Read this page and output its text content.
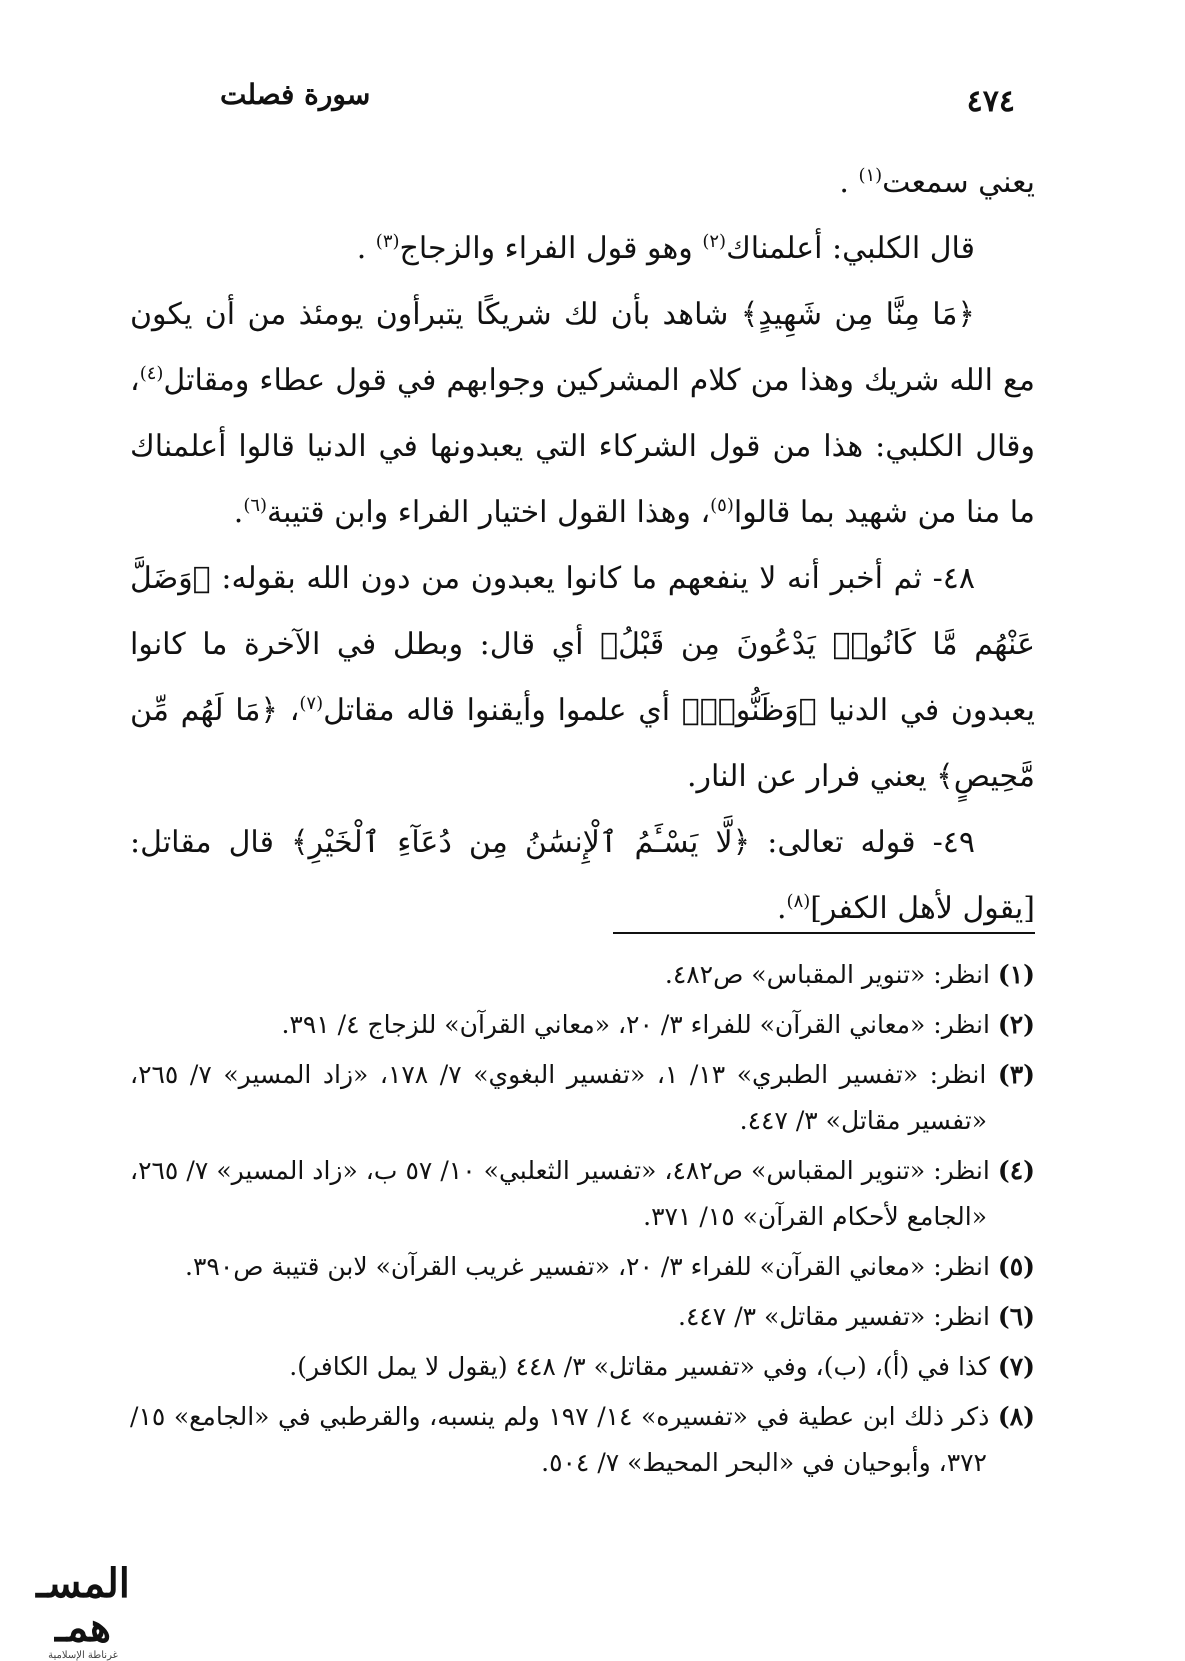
سورة فصلت	٤٧٤

يعني سمعت$^{(١)}$ .

قال الكلبي: أعلمناك$^{(٢)}$ وهو قول الفراء والزجاج$^{(٣)}$ .

﴿مَا مِنَّا مِن شَهِيدٍ﴾ شاهد بأن لك شريكًا يتبرأون يومئذ من أن يكون مع الله شريك وهذا من كلام المشركين وجوابهم في قول عطاء ومقاتل$^{(٤)}$، وقال الكلبي: هذا من قول الشركاء التي يعبدونها في الدنيا قالوا أعلمناك ما منا من شهيد بما قالوا$^{(٥)}$، وهذا القول اختيار الفراء وابن قتيبة$^{(٦)}$.

٤٨- ثم أخبر أنه لا ينفعهم ما كانوا يعبدون من دون الله بقوله: ﴿وَضَلَّ عَنْهُم مَّا كَانُوا۟ يَدْعُونَ مِن قَبْلُ﴾ أي قال: وبطل في الآخرة ما كانوا يعبدون في الدنيا ﴿وَظَنُّوا۟﴾ أي علموا وأيقنوا قاله مقاتل$^{(٧)}$، ﴿مَا لَهُم مِّن مَّحِيصٍ﴾ يعني فرار عن النار.

٤٩- قوله تعالى: ﴿لَّا يَسْـَٔمُ ٱلْإِنسَٰنُ مِن دُعَآءِ ٱلْخَيْرِ﴾ قال مقاتل: [يقول لأهل الكفر]$^{(٨)}$.

(١) انظر: «تنوير المقباس» ص٤٨٢.

(٢) انظر: «معاني القرآن» للفراء ٣/ ٢٠، «معاني القرآن» للزجاج ٤/ ٣٩١.

(٣) انظر: «تفسير الطبري» ١٣/ ١، «تفسير البغوي» ٧/ ١٧٨، «زاد المسير» ٧/ ٢٦٥، «تفسير مقاتل» ٣/ ٤٤٧.

(٤) انظر: «تنوير المقباس» ص٤٨٢، «تفسير الثعلبي» ١٠/ ٥٧ ب، «زاد المسير» ٧/ ٢٦٥، «الجامع لأحكام القرآن» ١٥/ ٣٧١.

(٥) انظر: «معاني القرآن» للفراء ٣/ ٢٠، «تفسير غريب القرآن» لابن قتيبة ص٣٩٠.

(٦) انظر: «تفسير مقاتل» ٣/ ٤٤٧.

(٧) كذا في (أ)، (ب)، وفي «تفسير مقاتل» ٣/ ٤٤٨ (يقول لا يمل الكافر).

(٨) ذكر ذلك ابن عطية في «تفسيره» ١٤/ ١٩٧ ولم ينسبه، والقرطبي في «الجامع» ١٥/ ٣٧٢، وأبوحيان في «البحر المحيط» ٧/ ٥٠٤.

المسـ همـ
غرناطة الإسلامية
